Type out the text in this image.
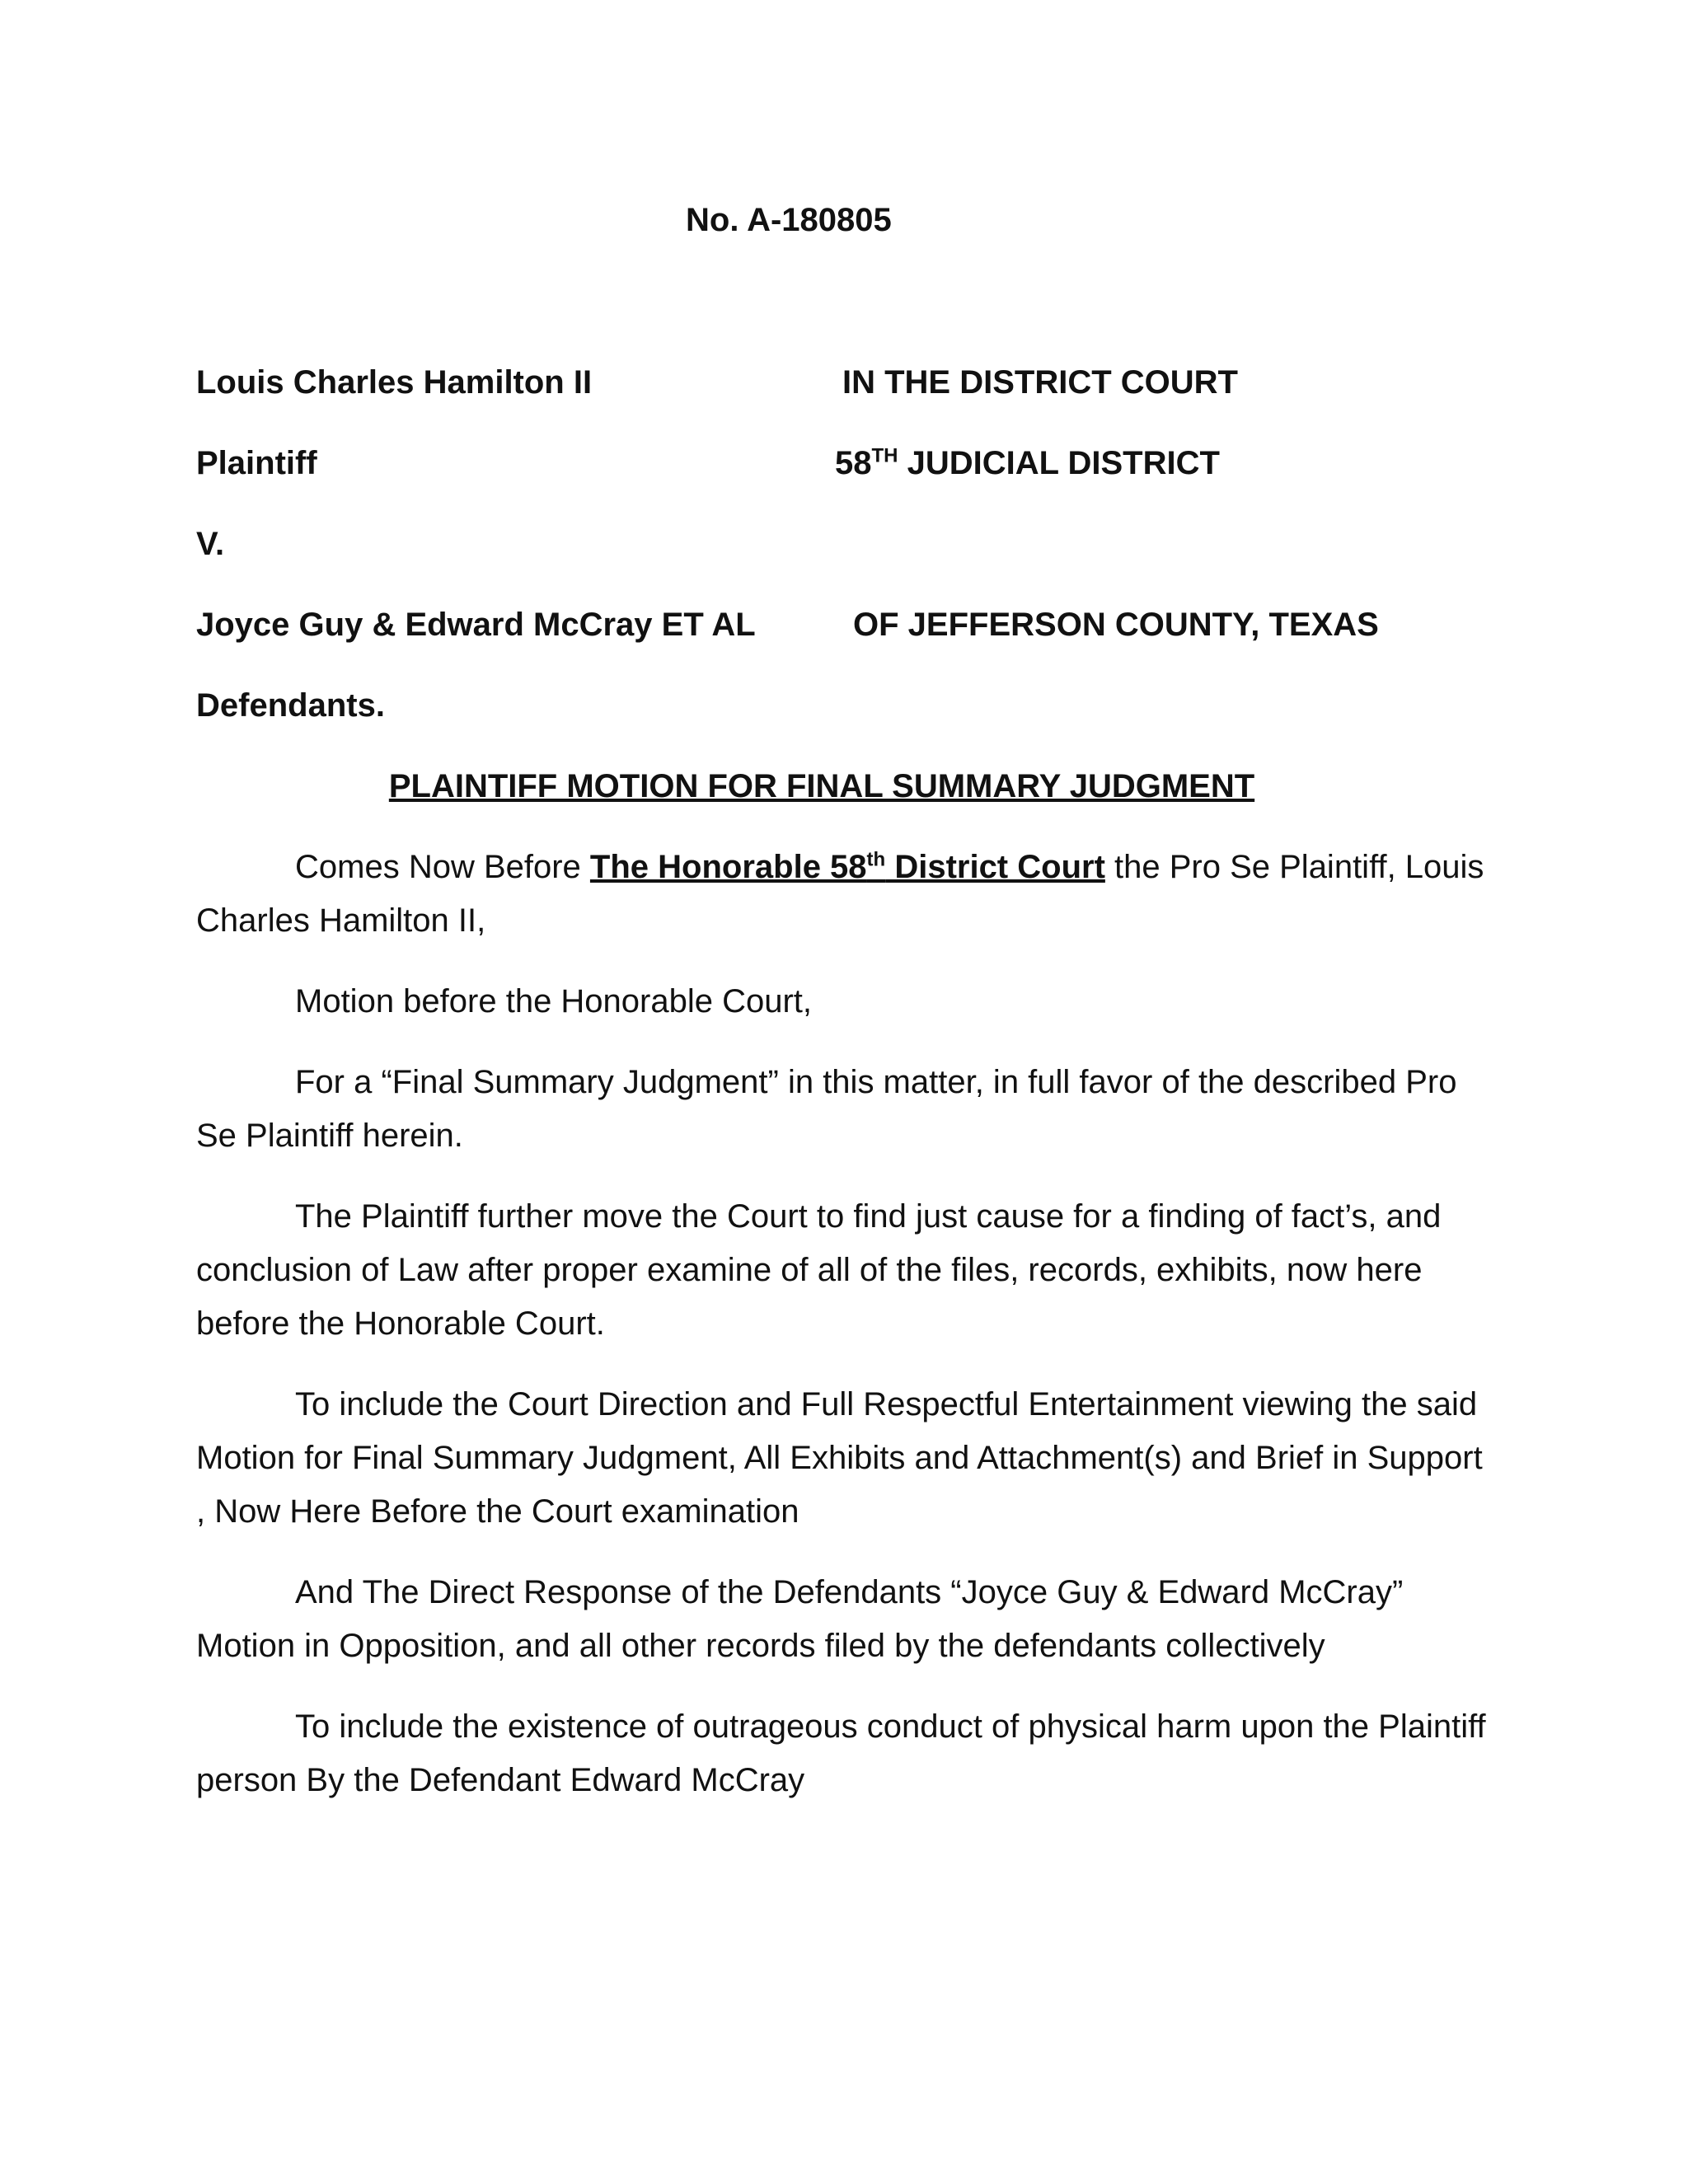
No. A-180805
Louis Charles Hamilton II	IN THE DISTRICT COURT
Plaintiff	58TH JUDICIAL DISTRICT
V.
Joyce Guy & Edward McCray ET AL	OF JEFFERSON COUNTY, TEXAS
Defendants.
PLAINTIFF MOTION FOR FINAL SUMMARY JUDGMENT

Comes Now Before The Honorable 58th District Court the Pro Se Plaintiff, Louis Charles Hamilton II,

Motion before the Honorable Court,

For a “Final Summary Judgment” in this matter, in full favor of the described Pro Se Plaintiff herein.

The Plaintiff further move the Court to find just cause for a finding of fact’s, and conclusion of Law after proper examine of all of the files, records, exhibits, now here before the Honorable Court.

To include the Court Direction and Full Respectful Entertainment viewing the said Motion for Final Summary Judgment, All Exhibits and Attachment(s) and Brief in Support , Now Here Before the Court examination

And The Direct Response of the Defendants “Joyce Guy & Edward McCray” Motion in Opposition, and all other records filed by the defendants collectively

To include the existence of outrageous conduct of physical harm upon the Plaintiff person By the Defendant Edward McCray
